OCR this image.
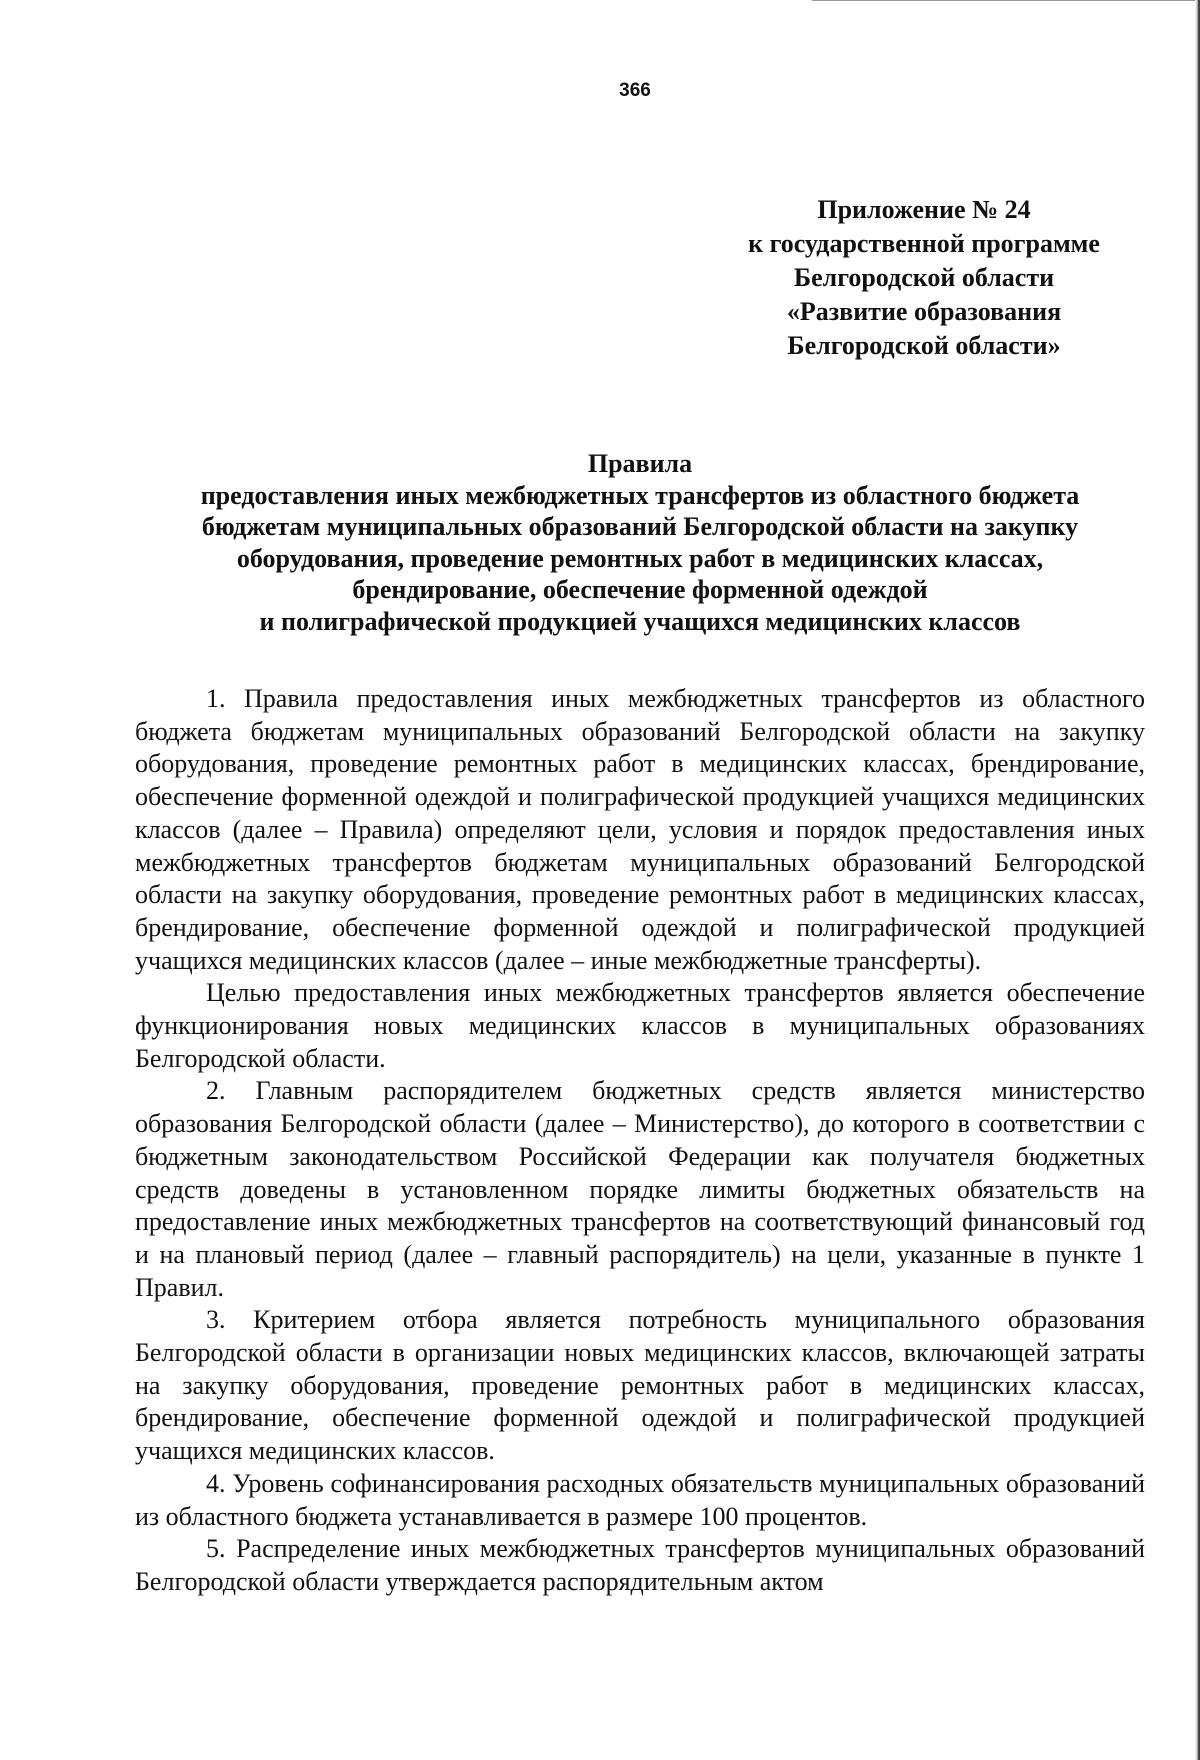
366
Приложение № 24
к государственной программе
Белгородской области
«Развитие образования
Белгородской области»
Правила
предоставления иных межбюджетных трансфертов из областного бюджета
бюджетам муниципальных образований Белгородской области на закупку
оборудования, проведение ремонтных работ в медицинских классах,
брендирование, обеспечение форменной одеждой
и полиграфической продукцией учащихся медицинских классов

1. Правила предоставления иных межбюджетных трансфертов из областного бюджета бюджетам муниципальных образований Белгородской области на закупку оборудования, проведение ремонтных работ в медицинских классах, брендирование, обеспечение форменной одеждой и полиграфической продукцией учащихся медицинских классов (далее – Правила) определяют цели, условия и порядок предоставления иных межбюджетных трансфертов бюджетам муниципальных образований Белгородской области на закупку оборудования, проведение ремонтных работ в медицинских классах, брендирование, обеспечение форменной одеждой и полиграфической продукцией учащихся медицинских классов (далее – иные межбюджетные трансферты).

Целью предоставления иных межбюджетных трансфертов является обеспечение функционирования новых медицинских классов в муниципальных образованиях Белгородской области.

2. Главным распорядителем бюджетных средств является министерство образования Белгородской области (далее – Министерство), до которого в соответствии с бюджетным законодательством Российской Федерации как получателя бюджетных средств доведены в установленном порядке лимиты бюджетных обязательств на предоставление иных межбюджетных трансфертов на соответствующий финансовый год и на плановый период (далее – главный распорядитель) на цели, указанные в пункте 1 Правил.

3. Критерием отбора является потребность муниципального образования Белгородской области в организации новых медицинских классов, включающей затраты на закупку оборудования, проведение ремонтных работ в медицинских классах, брендирование, обеспечение форменной одеждой и полиграфической продукцией учащихся медицинских классов.

4. Уровень софинансирования расходных обязательств муниципальных образований из областного бюджета устанавливается в размере 100 процентов.

5. Распределение иных межбюджетных трансфертов муниципальных образований Белгородской области утверждается распорядительным актом
